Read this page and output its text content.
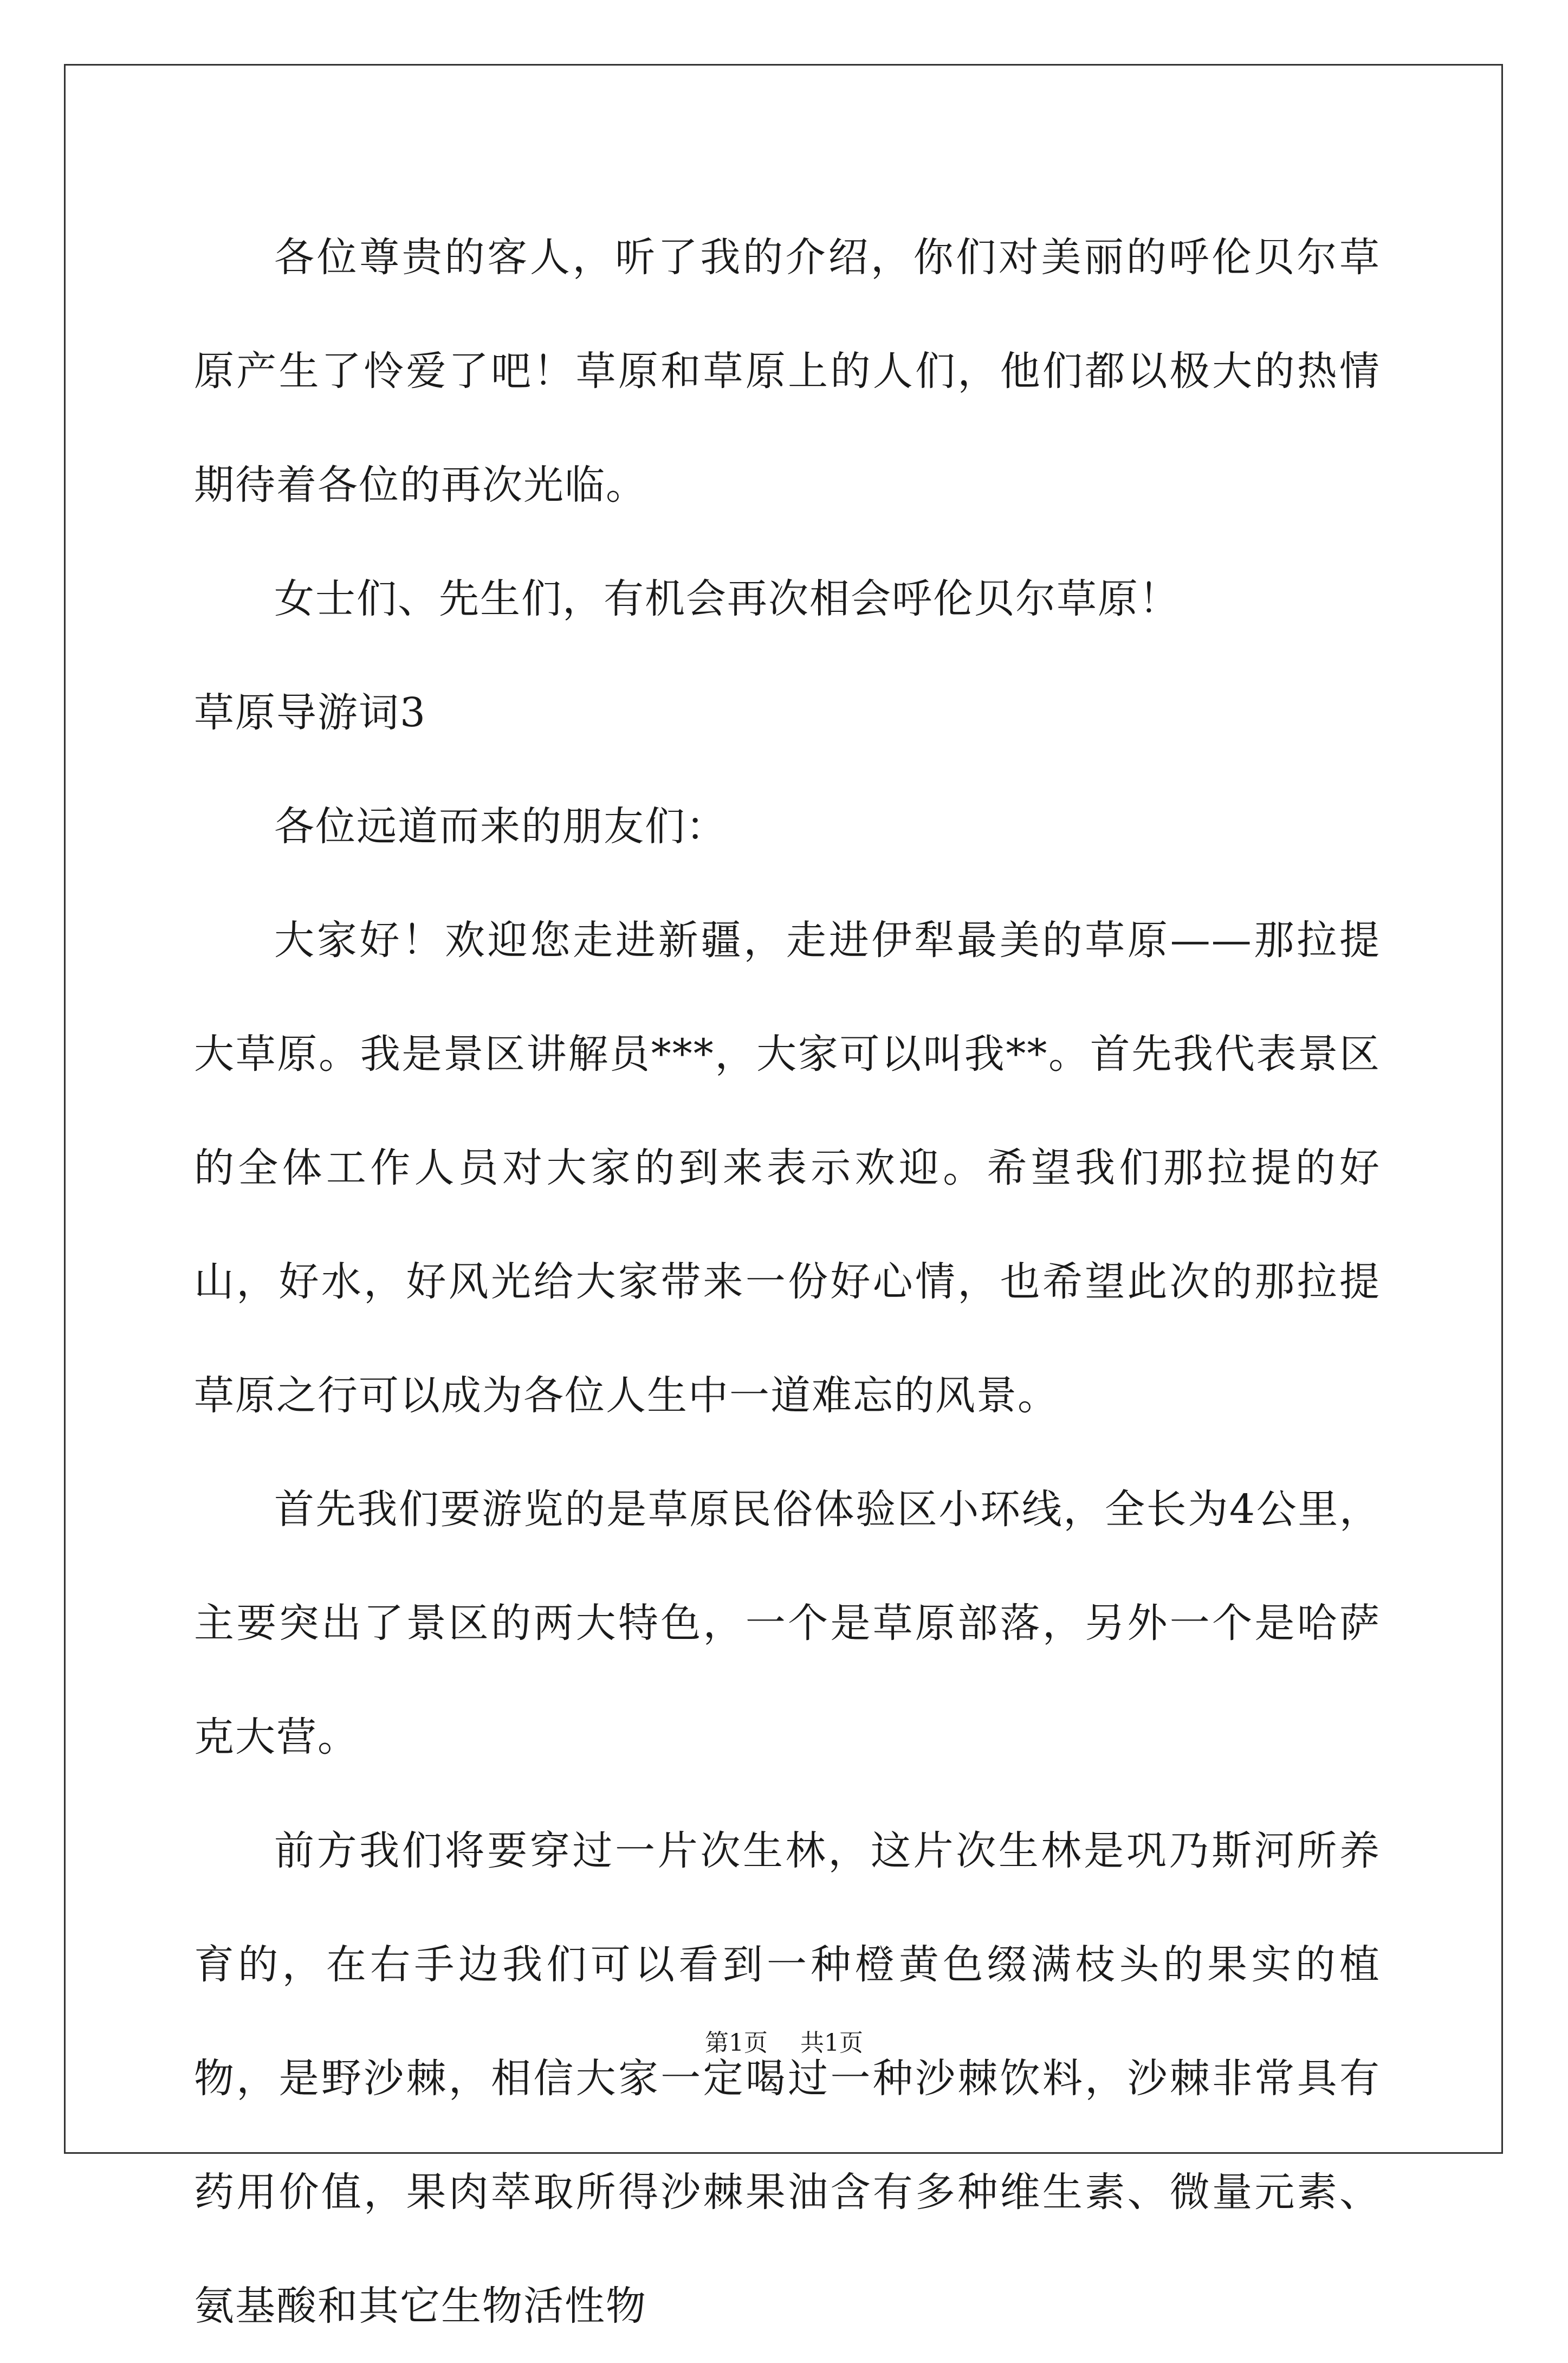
各位尊贵的客人，听了我的介绍，你们对美丽的呼伦贝尔草原产生了怜爱了吧！草原和草原上的人们，他们都以极大的热情期待着各位的再次光临。

女士们、先生们，有机会再次相会呼伦贝尔草原！

草原导游词3

各位远道而来的朋友们：

大家好！欢迎您走进新疆，走进伊犁最美的草原——那拉提大草原。我是景区讲解员***，大家可以叫我**。首先我代表景区的全体工作人员对大家的到来表示欢迎。希望我们那拉提的好山，好水，好风光给大家带来一份好心情，也希望此次的那拉提草原之行可以成为各位人生中一道难忘的风景。

首先我们要游览的是草原民俗体验区小环线，全长为4公里，主要突出了景区的两大特色，一个是草原部落，另外一个是哈萨克大营。

前方我们将要穿过一片次生林，这片次生林是巩乃斯河所养育的，在右手边我们可以看到一种橙黄色缀满枝头的果实的植物，是野沙棘，相信大家一定喝过一种沙棘饮料，沙棘非常具有药用价值，果肉萃取所得沙棘果油含有多种维生素、微量元素、氨基酸和其它生物活性物

第1页 共1页
